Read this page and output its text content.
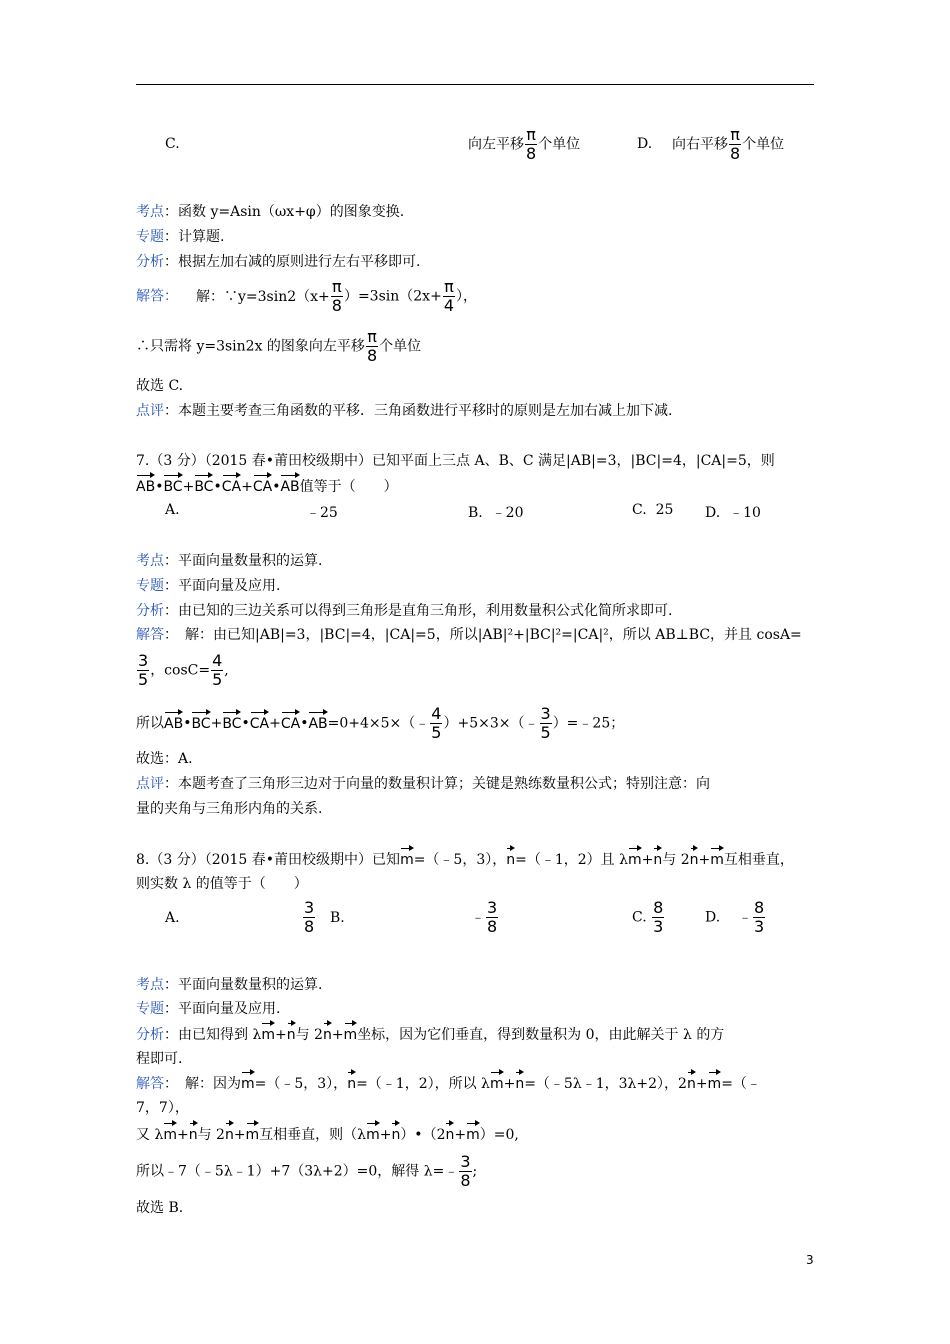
C.	向左平移 $\frac{\pi}{8}$ 个单位	D. 向右平移 $\frac{\pi}{8}$ 个单位
考点：函数 y=Asin（ωx+φ）的图象变换.
专题：计算题.
分析：根据左加右减的原则进行左右平移即可.
解答： 解：∵y=3sin2（x+ $\frac{\pi}{8} )=3\sin(2x+ \frac{\pi}{4}$ ），
∴只需将 y=3sin2x 的图象向左平移 $\frac{\pi}{8}$ 个单位
故选 C.
点评：本题主要考查三角函数的平移．三角函数进行平移时的原则是左加右减上加下减.
7.（3 分）（2015 春•莆田校级期中）已知平面上三点 A、B、C 满足|AB|=3，|BC|=4，|CA|=5，则
AB•BC+BC•CA+CA•AB值等于（　　）
A.	﹣25	B. ﹣20	C. 25 D. ﹣10
考点：平面向量数量积的运算.
专题：平面向量及应用.
分析：由已知的三边关系可以得到三角形是直角三角形，利用数量积公式化简所求即可.
解答：　解：由已知|AB|=3，|BC|=4，|CA|=5，所以|AB|²+|BC|²=|CA|²，所以 AB⊥BC，并且 cosA=
$\frac{3}{5}$ ，$\cos C= \frac{4}{5}$ ,
所以AB•BC+BC•CA+CA•AB=0+4×5×（﹣ $\frac{4}{5}$ ）+5×3×（﹣ $\frac{3}{5}$ ）=﹣25；
故选：A.
点评：本题考查了三角形三边对于向量的数量积计算；关键是熟练数量积公式；特别注意：向
量的夹角与三角形内角的关系.
8.（3 分）（2015 春•莆田校级期中）已知m=（﹣5，3），n=（﹣1，2）且 λm+n与 2n+m互相垂直，
则实数 λ 的值等于（　　）
A.	$\frac{3}{8} B$.	﹣ $\frac{3}{8}$	C. $\frac{8}{3}$	D. ﹣ $\frac{8}{3}$
考点：平面向量数量积的运算.
专题：平面向量及应用.
分析：由已知得到 λm+n与 2n+m坐标，因为它们垂直，得到数量积为 0，由此解关于 λ 的方
程即可.
解答：　解：因为m=（﹣5，3），n=（﹣1，2），所以 λm+n=（﹣5λ﹣1，3λ+2），2n+m=（﹣
7，7），
又 λm+n与 2n+m互相垂直，则（λm+n）•（2n+m）=0,
所以﹣7（﹣5λ﹣1）+7（3λ+2）=0，解得 λ=﹣ $\frac{3}{8}$ ;
故选 B.
3
